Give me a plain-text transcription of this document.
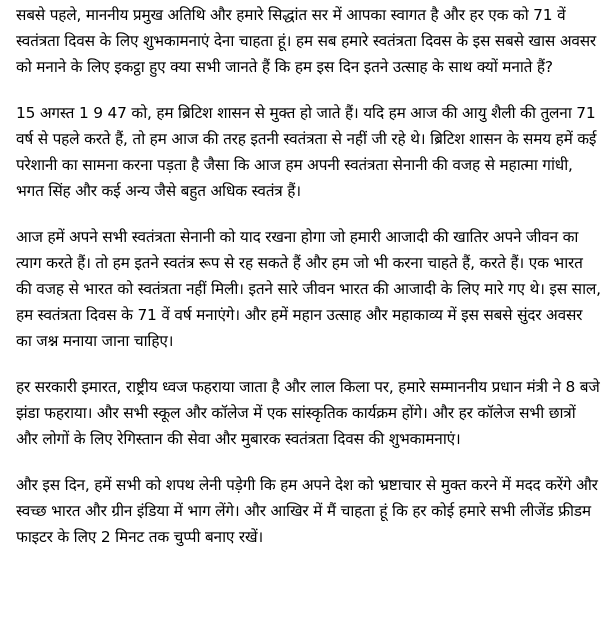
सबसे पहले, माननीय प्रमुख अतिथि और हमारे सिद्धांत सर में आपका स्वागत है और हर एक को 71 वें स्वतंत्रता दिवस के लिए शुभकामनाएं देना चाहता हूं। हम सब हमारे स्वतंत्रता दिवस के इस सबसे खास अवसर को मनाने के लिए इकट्ठा हुए क्या सभी जानते हैं कि हम इस दिन इतने उत्साह के साथ क्यों मनाते हैं?

15 अगस्त 1 9 47 को, हम ब्रिटिश शासन से मुक्त हो जाते हैं। यदि हम आज की आयु शैली की तुलना 71 वर्ष से पहले करते हैं, तो हम आज की तरह इतनी स्वतंत्रता से नहीं जी रहे थे। ब्रिटिश शासन के समय हमें कई परेशानी का सामना करना पड़ता है जैसा कि आज हम अपनी स्वतंत्रता सेनानी की वजह से महात्मा गांधी, भगत सिंह और कई अन्य जैसे बहुत अधिक स्वतंत्र हैं।

आज हमें अपने सभी स्वतंत्रता सेनानी को याद रखना होगा जो हमारी आजादी की खातिर अपने जीवन का त्याग करते हैं। तो हम इतने स्वतंत्र रूप से रह सकते हैं और हम जो भी करना चाहते हैं, करते हैं। एक भारत की वजह से भारत को स्वतंत्रता नहीं मिली। इतने सारे जीवन भारत की आजादी के लिए मारे गए थे। इस साल, हम स्वतंत्रता दिवस के 71 वें वर्ष मनाएंगे। और हमें महान उत्साह और महाकाव्य में इस सबसे सुंदर अवसर का जश्न मनाया जाना चाहिए।

हर सरकारी इमारत, राष्ट्रीय ध्वज फहराया जाता है और लाल किला पर, हमारे सम्माननीय प्रधान मंत्री ने 8 बजे झंडा फहराया। और सभी स्कूल और कॉलेज में एक सांस्कृतिक कार्यक्रम होंगे। और हर कॉलेज सभी छात्रों और लोगों के लिए रेगिस्तान की सेवा और मुबारक स्वतंत्रता दिवस की शुभकामनाएं।

और इस दिन, हमें सभी को शपथ लेनी पड़ेगी कि हम अपने देश को भ्रष्टाचार से मुक्त करने में मदद करेंगे और स्वच्छ भारत और ग्रीन इंडिया में भाग लेंगे। और आखिर में मैं चाहता हूं कि हर कोई हमारे सभी लीजेंड फ्रीडम फाइटर के लिए 2 मिनट तक चुप्पी बनाए रखें।
